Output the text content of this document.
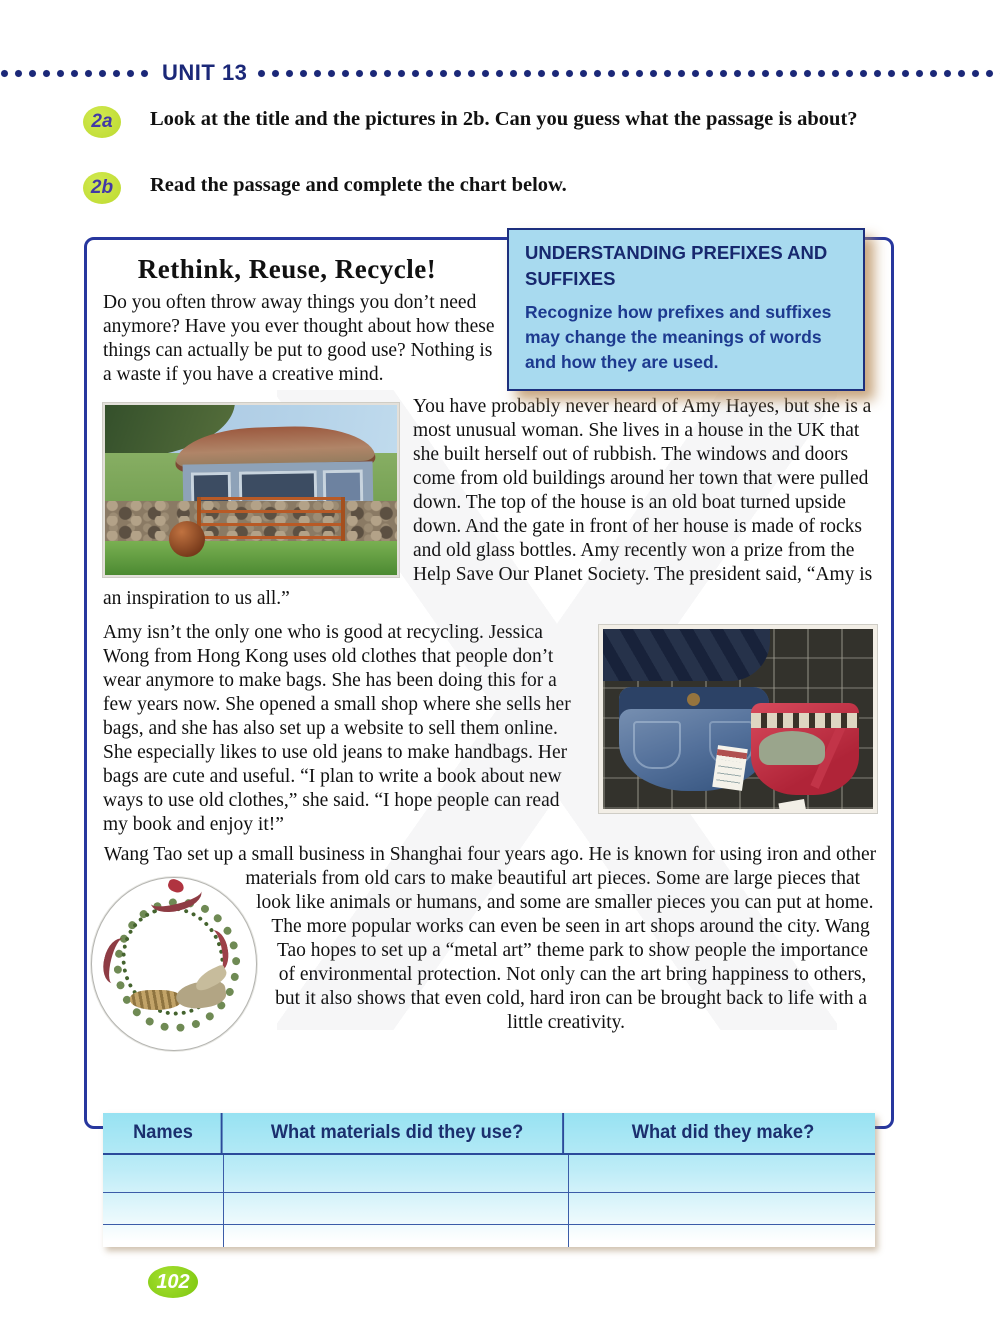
UNIT 13
2a	Look at the title and the pictures in 2b. Can you guess what the passage is about?
2b	Read the passage and complete the chart below.
UNDERSTANDING PREFIXES AND SUFFIXES
Recognize how prefixes and suffixes may change the meanings of words and how they are used.
Rethink, Reuse, Recycle!

Do you often throw away things you don’t need anymore? Have you ever thought about how these things can actually be put to good use? Nothing is a waste if you have a creative mind.

You have probably never heard of Amy Hayes, but she is a most unusual woman. She lives in a house in the UK that she built herself out of rubbish. The windows and doors come from old buildings around her town that were pulled down. The top of the house is an old boat turned upside down. And the gate in front of her house is made of rocks and old glass bottles. Amy recently won a prize from the Help Save Our Planet Society. The president said, “Amy is an inspiration to us all.”

Amy isn’t the only one who is good at recycling. Jessica Wong from Hong Kong uses old clothes that people don’t wear anymore to make bags. She has been doing this for a few years now. She opened a small shop where she sells her bags, and she has also set up a website to sell them online. She especially likes to use old jeans to make handbags. Her bags are cute and useful. “I plan to write a book about new ways to use old clothes,” she said. “I hope people can read my book and enjoy it!”

Wang Tao set up a small business in Shanghai four years ago. He is known for using iron and other materials from old cars to make beautiful art pieces. Some are large pieces that look like animals or humans, and some are smaller pieces you can put at home. The more popular works can even be seen in art shops around the city. Wang Tao hopes to set up a “metal art” theme park to show people the importance of environmental protection. Not only can the art bring happiness to others, but it also shows that even cold, hard iron can be brought back to life with a little creativity.

Names	What materials did they use?	What did they make?
102
